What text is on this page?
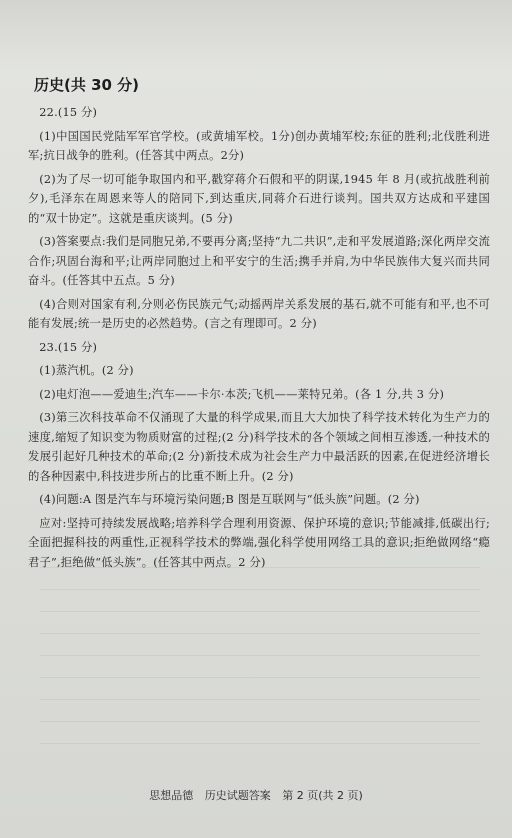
历史(共 30 分)
22.(15 分)

(1)中国国民党陆军军官学校。(或黄埔军校。1分)创办黄埔军校;东征的胜利;北伐胜利进军;抗日战争的胜利。(任答其中两点。2分)

(2)为了尽一切可能争取国内和平,戳穿蒋介石假和平的阴谋,1945 年 8 月(或抗战胜利前夕),毛泽东在周恩来等人的陪同下,到达重庆,同蒋介石进行谈判。国共双方达成和平建国的“双十协定”。这就是重庆谈判。(5 分)

(3)答案要点:我们是同胞兄弟,不要再分离;坚持“九二共识”,走和平发展道路;深化两岸交流合作;巩固台海和平;让两岸同胞过上和平安宁的生活;携手并肩,为中华民族伟大复兴而共同奋斗。(任答其中五点。5 分)

(4)合则对国家有利,分则必伤民族元气;动摇两岸关系发展的基石,就不可能有和平,也不可能有发展;统一是历史的必然趋势。(言之有理即可。2 分)

23.(15 分)

(1)蒸汽机。(2 分)

(2)电灯泡——爱迪生;汽车——卡尔·本茨;飞机——莱特兄弟。(各 1 分,共 3 分)

(3)第三次科技革命不仅涌现了大量的科学成果,而且大大加快了科学技术转化为生产力的速度,缩短了知识变为物质财富的过程;(2 分)科学技术的各个领域之间相互渗透,一种技术的发展引起好几种技术的革命;(2 分)新技术成为社会生产力中最活跃的因素,在促进经济增长的各种因素中,科技进步所占的比重不断上升。(2 分)

(4)问题:A 图是汽车与环境污染问题;B 图是互联网与“低头族”问题。(2 分)

应对:坚持可持续发展战略;培养科学合理利用资源、保护环境的意识;节能减排,低碳出行;全面把握科技的两重性,正视科学技术的弊端,强化科学使用网络工具的意识;拒绝做网络“瘾君子”,拒绝做“低头族”。(任答其中两点。2 分)

思想品德 历史试题答案 第 2 页(共 2 页)
